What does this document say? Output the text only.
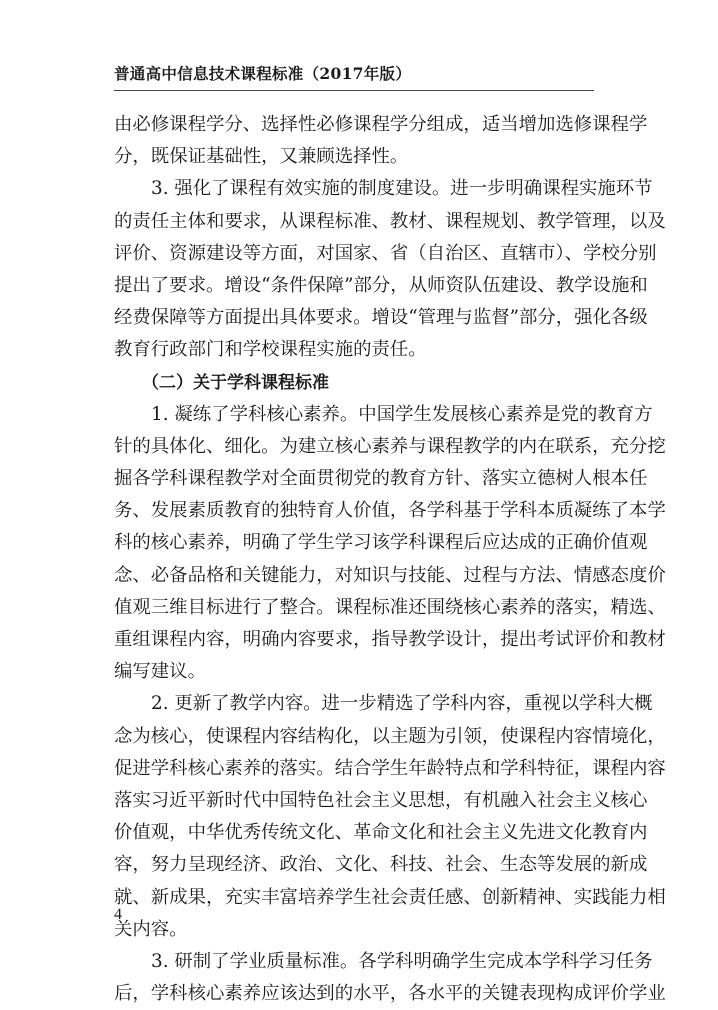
普通高中信息技术课程标准（2017年版）
由必修课程学分、选择性必修课程学分组成，适当增加选修课程学
分，既保证基础性，又兼顾选择性。
3. 强化了课程有效实施的制度建设。进一步明确课程实施环节
的责任主体和要求，从课程标准、教材、课程规划、教学管理，以及
评价、资源建设等方面，对国家、省（自治区、直辖市）、学校分别
提出了要求。增设“条件保障”部分，从师资队伍建设、教学设施和
经费保障等方面提出具体要求。增设“管理与监督”部分，强化各级
教育行政部门和学校课程实施的责任。
（二）关于学科课程标准
1. 凝练了学科核心素养。中国学生发展核心素养是党的教育方
针的具体化、细化。为建立核心素养与课程教学的内在联系，充分挖
掘各学科课程教学对全面贯彻党的教育方针、落实立德树人根本任
务、发展素质教育的独特育人价值，各学科基于学科本质凝练了本学
科的核心素养，明确了学生学习该学科课程后应达成的正确价值观
念、必备品格和关键能力，对知识与技能、过程与方法、情感态度价
值观三维目标进行了整合。课程标准还围绕核心素养的落实，精选、
重组课程内容，明确内容要求，指导教学设计，提出考试评价和教材
编写建议。
2. 更新了教学内容。进一步精选了学科内容，重视以学科大概
念为核心，使课程内容结构化，以主题为引领，使课程内容情境化，
促进学科核心素养的落实。结合学生年龄特点和学科特征，课程内容
落实习近平新时代中国特色社会主义思想，有机融入社会主义核心
价值观，中华优秀传统文化、革命文化和社会主义先进文化教育内
容，努力呈现经济、政治、文化、科技、社会、生态等发展的新成
就、新成果，充实丰富培养学生社会责任感、创新精神、实践能力相
关内容。
3. 研制了学业质量标准。各学科明确学生完成本学科学习任务
后，学科核心素养应该达到的水平，各水平的关键表现构成评价学业
4
